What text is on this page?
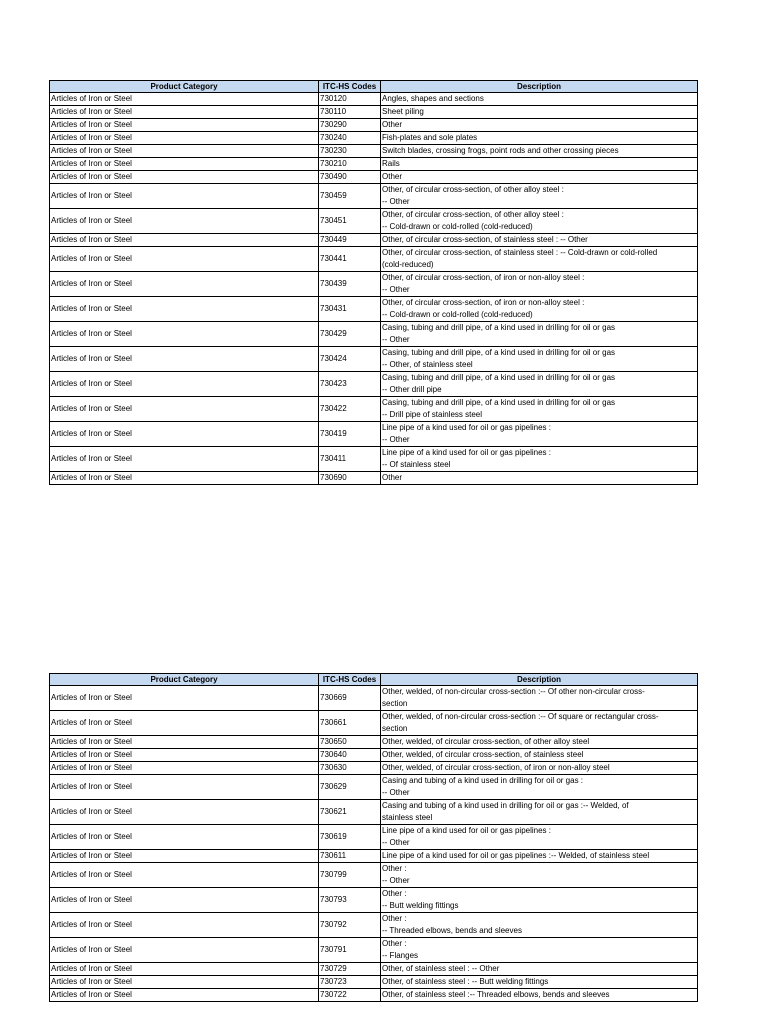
Product Category	ITC-HS Codes	Description
Articles of Iron or Steel	730120	Angles, shapes and sections
Articles of Iron or Steel	730110	Sheet piling
Articles of Iron or Steel	730290	Other
Articles of Iron or Steel	730240	Fish-plates and sole plates
Articles of Iron or Steel	730230	Switch blades, crossing frogs, point rods and other crossing pieces
Articles of Iron or Steel	730210	Rails
Articles of Iron or Steel	730490	Other
Articles of Iron or Steel	730459	Other, of circular cross-section, of other alloy steel :
-- Other
Articles of Iron or Steel	730451	Other, of circular cross-section, of other alloy steel :
-- Cold-drawn or cold-rolled (cold-reduced)
Articles of Iron or Steel	730449	Other, of circular cross-section, of stainless steel : -- Other
Articles of Iron or Steel	730441	Other, of circular cross-section, of stainless steel : -- Cold-drawn or cold-rolled
(cold-reduced)

Articles of Iron or Steel	730439	Other, of circular cross-section, of iron or non-alloy steel :
-- Other
Articles of Iron or Steel	730431	Other, of circular cross-section, of iron or non-alloy steel :
-- Cold-drawn or cold-rolled (cold-reduced)
Articles of Iron or Steel	730429	Casing, tubing and drill pipe, of a kind used in drilling for oil or gas
-- Other
Articles of Iron or Steel	730424	Casing, tubing and drill pipe, of a kind used in drilling for oil or gas
-- Other, of stainless steel
Articles of Iron or Steel	730423	Casing, tubing and drill pipe, of a kind used in drilling for oil or gas
-- Other drill pipe
Articles of Iron or Steel	730422	Casing, tubing and drill pipe, of a kind used in drilling for oil or gas
-- Drill pipe of stainless steel
Articles of Iron or Steel	730419	Line pipe of a kind used for oil or gas pipelines :
-- Other
Articles of Iron or Steel	730411	Line pipe of a kind used for oil or gas pipelines :
-- Of stainless steel
Articles of Iron or Steel	730690	Other
Product Category	ITC-HS Codes	Description
Articles of Iron or Steel	730669	Other, welded, of non-circular cross-section :-- Of other non-circular cross-
section
Articles of Iron or Steel	730661	Other, welded, of non-circular cross-section :-- Of square or rectangular cross-
section
Articles of Iron or Steel	730650	Other, welded, of circular cross-section, of other alloy steel
Articles of Iron or Steel	730640	Other, welded, of circular cross-section, of stainless steel
Articles of Iron or Steel	730630	Other, welded, of circular cross-section, of iron or non-alloy steel
Articles of Iron or Steel	730629	Casing and tubing of a kind used in drilling for oil or gas :
-- Other
Articles of Iron or Steel	730621	Casing and tubing of a kind used in drilling for oil or gas :-- Welded, of
stainless steel
Articles of Iron or Steel	730619	Line pipe of a kind used for oil or gas pipelines :
-- Other
Articles of Iron or Steel	730611	Line pipe of a kind used for oil or gas pipelines :-- Welded, of stainless steel
Articles of Iron or Steel	730799	Other :
-- Other
Articles of Iron or Steel	730793	Other :
-- Butt welding fittings
Articles of Iron or Steel	730792	Other :
-- Threaded elbows, bends and sleeves
Articles of Iron or Steel	730791	Other :
-- Flanges
Articles of Iron or Steel	730729	Other, of stainless steel : -- Other
Articles of Iron or Steel	730723	Other, of stainless steel : -- Butt welding fittings
Articles of Iron or Steel	730722	Other, of stainless steel :-- Threaded elbows, bends and sleeves
